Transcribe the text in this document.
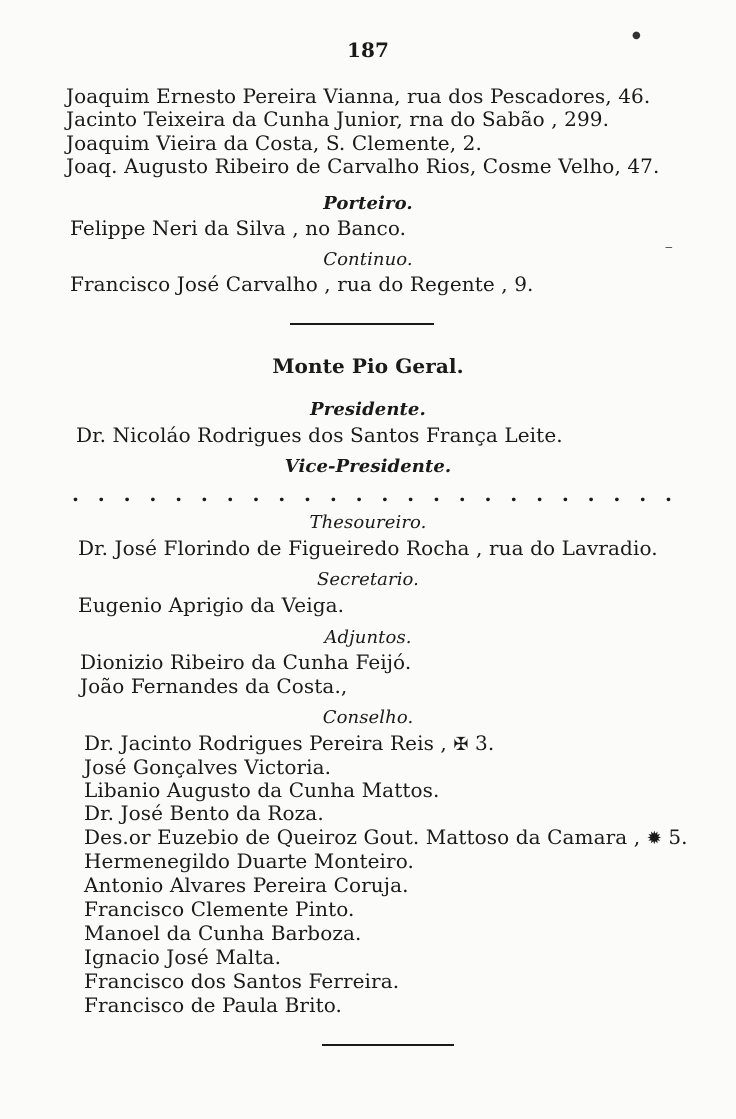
187
Joaquim Ernesto Pereira Vianna, rua dos Pescadores, 46.
Jacinto Teixeira da Cunha Junior, rna do Sabão , 299.
Joaquim Vieira da Costa, S. Clemente, 2.
Joaq. Augusto Ribeiro de Carvalho Rios, Cosme Velho, 47.
Porteiro.
Felippe Neri da Silva , no Banco.
Continuo.
Francisco José Carvalho , rua do Regente , 9.
Monte Pio Geral.
Presidente.
Dr. Nicoláo Rodrigues dos Santos França Leite.
Vice-Presidente.
. . . . . . . . . . . . . . . . . . . . . . . .
Thesoureiro.
Dr. José Florindo de Figueiredo Rocha , rua do Lavradio.
Secretario.
Eugenio Aprigio da Veiga.
Adjuntos.
Dionizio Ribeiro da Cunha Feijó.
João Fernandes da Costa.,
Conselho.
Dr. Jacinto Rodrigues Pereira Reis , ✠ 3.
José Gonçalves Victoria.
Libanio Augusto da Cunha Mattos.
Dr. José Bento da Roza.
Des.or Euzebio de Queiroz Gout. Mattoso da Camara , ✹ 5.
Hermenegildo Duarte Monteiro.
Antonio Alvares Pereira Coruja.
Francisco Clemente Pinto.
Manoel da Cunha Barboza.
Ignacio José Malta.
Francisco dos Santos Ferreira.
Francisco de Paula Brito.
●
‒
